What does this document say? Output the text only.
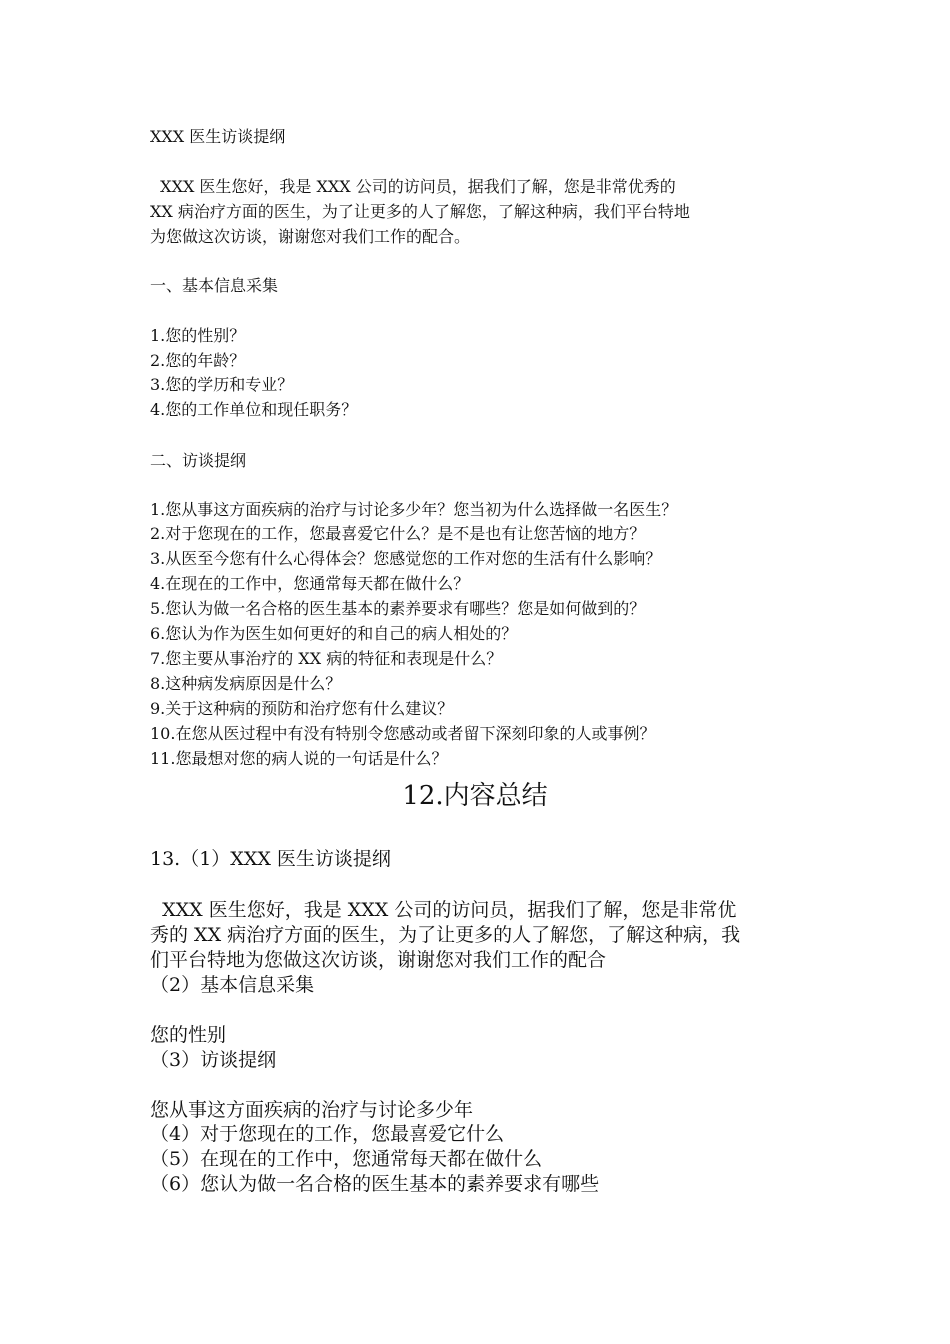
XXX 医生访谈提纲
XXX 医生您好，我是 XXX 公司的访问员，据我们了解，您是非常优秀的
XX 病治疗方面的医生，为了让更多的人了解您，了解这种病，我们平台特地
为您做这次访谈，谢谢您对我们工作的配合。
一、基本信息采集
1.您的性别？
2.您的年龄？
3.您的学历和专业？
4.您的工作单位和现任职务？
二、访谈提纲
1.您从事这方面疾病的治疗与讨论多少年？您当初为什么选择做一名医生？
2.对于您现在的工作，您最喜爱它什么？是不是也有让您苦恼的地方？
3.从医至今您有什么心得体会？您感觉您的工作对您的生活有什么影响？
4.在现在的工作中，您通常每天都在做什么？
5.您认为做一名合格的医生基本的素养要求有哪些？您是如何做到的？
6.您认为作为医生如何更好的和自己的病人相处的？
7.您主要从事治疗的 XX 病的特征和表现是什么？
8.这种病发病原因是什么？
9.关于这种病的预防和治疗您有什么建议？
10.在您从医过程中有没有特别令您感动或者留下深刻印象的人或事例？
11.您最想对您的病人说的一句话是什么？
12.内容总结
13.（1）XXX 医生访谈提纲
XXX 医生您好，我是 XXX 公司的访问员，据我们了解，您是非常优
秀的 XX 病治疗方面的医生，为了让更多的人了解您，了解这种病，我
们平台特地为您做这次访谈，谢谢您对我们工作的配合
（2）基本信息采集
您的性别
（3）访谈提纲
您从事这方面疾病的治疗与讨论多少年
（4）对于您现在的工作，您最喜爱它什么
（5）在现在的工作中，您通常每天都在做什么
（6）您认为做一名合格的医生基本的素养要求有哪些
